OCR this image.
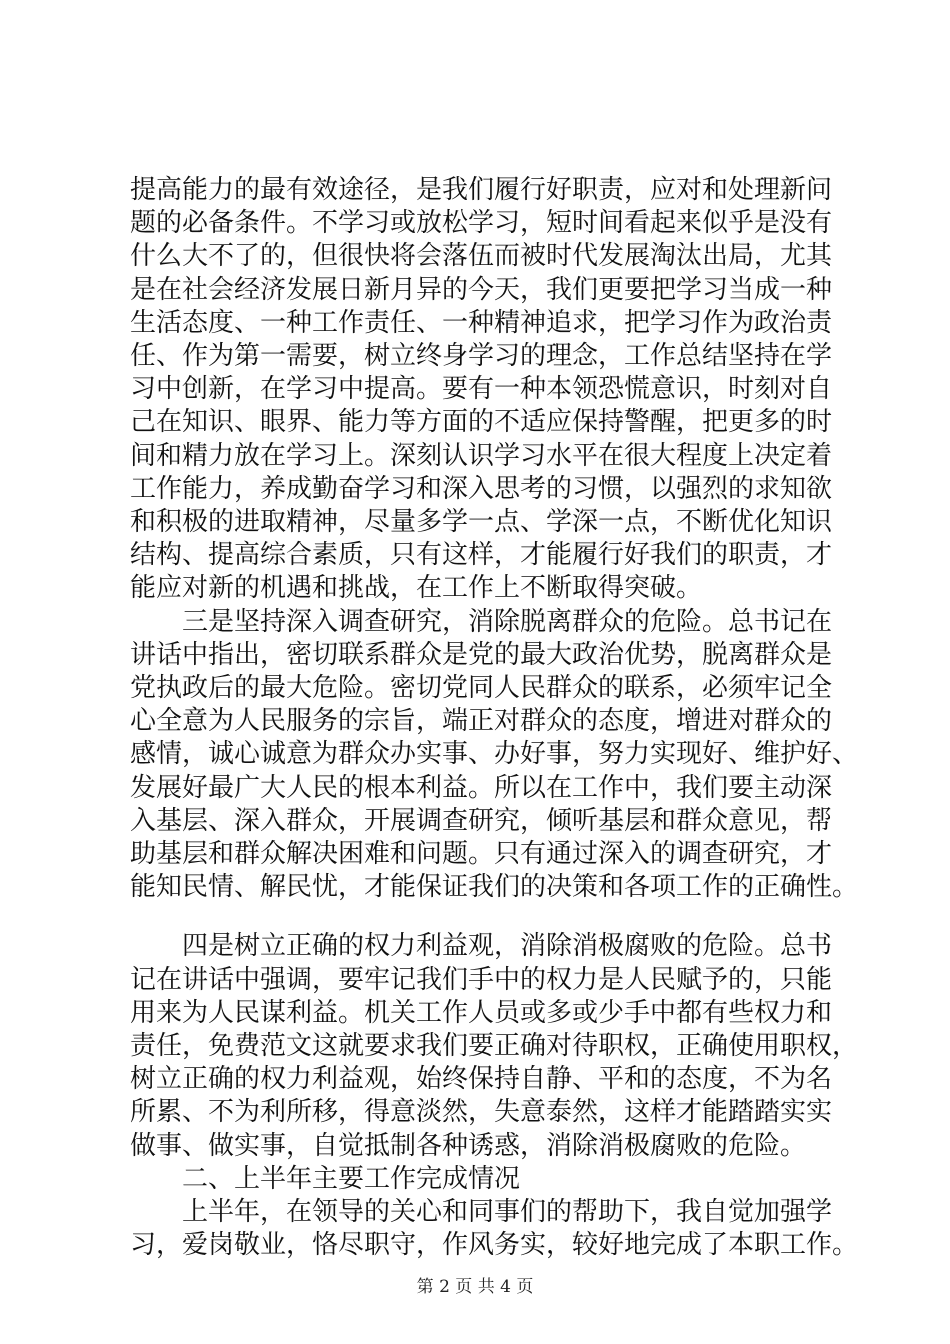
提高能力的最有效途径，是我们履行好职责，应对和处理新问
题的必备条件。不学习或放松学习，短时间看起来似乎是没有
什么大不了的，但很快将会落伍而被时代发展淘汰出局，尤其
是在社会经济发展日新月异的今天，我们更要把学习当成一种
生活态度、一种工作责任、一种精神追求，把学习作为政治责
任、作为第一需要，树立终身学习的理念，工作总结坚持在学
习中创新，在学习中提高。要有一种本领恐慌意识，时刻对自
己在知识、眼界、能力等方面的不适应保持警醒，把更多的时
间和精力放在学习上。深刻认识学习水平在很大程度上决定着
工作能力，养成勤奋学习和深入思考的习惯，以强烈的求知欲
和积极的进取精神，尽量多学一点、学深一点，不断优化知识
结构、提高综合素质，只有这样，才能履行好我们的职责，才
能应对新的机遇和挑战，在工作上不断取得突破。
三是坚持深入调查研究，消除脱离群众的危险。总书记在
讲话中指出，密切联系群众是党的最大政治优势，脱离群众是
党执政后的最大危险。密切党同人民群众的联系，必须牢记全
心全意为人民服务的宗旨，端正对群众的态度，增进对群众的
感情，诚心诚意为群众办实事、办好事，努力实现好、维护好、
发展好最广大人民的根本利益。所以在工作中，我们要主动深
入基层、深入群众，开展调查研究，倾听基层和群众意见，帮
助基层和群众解决困难和问题。只有通过深入的调查研究，才
能知民情、解民忧，才能保证我们的决策和各项工作的正确性。
四是树立正确的权力利益观，消除消极腐败的危险。总书
记在讲话中强调，要牢记我们手中的权力是人民赋予的，只能
用来为人民谋利益。机关工作人员或多或少手中都有些权力和
责任，免费范文这就要求我们要正确对待职权，正确使用职权，
树立正确的权力利益观，始终保持自静、平和的态度，不为名
所累、不为利所移，得意淡然，失意泰然，这样才能踏踏实实
做事、做实事，自觉抵制各种诱惑，消除消极腐败的危险。
二、上半年主要工作完成情况
第 2 页 共 4 页
上半年，在领导的关心和同事们的帮助下，我自觉加强学
习，爱岗敬业，恪尽职守，作风务实，较好地完成了本职工作。
